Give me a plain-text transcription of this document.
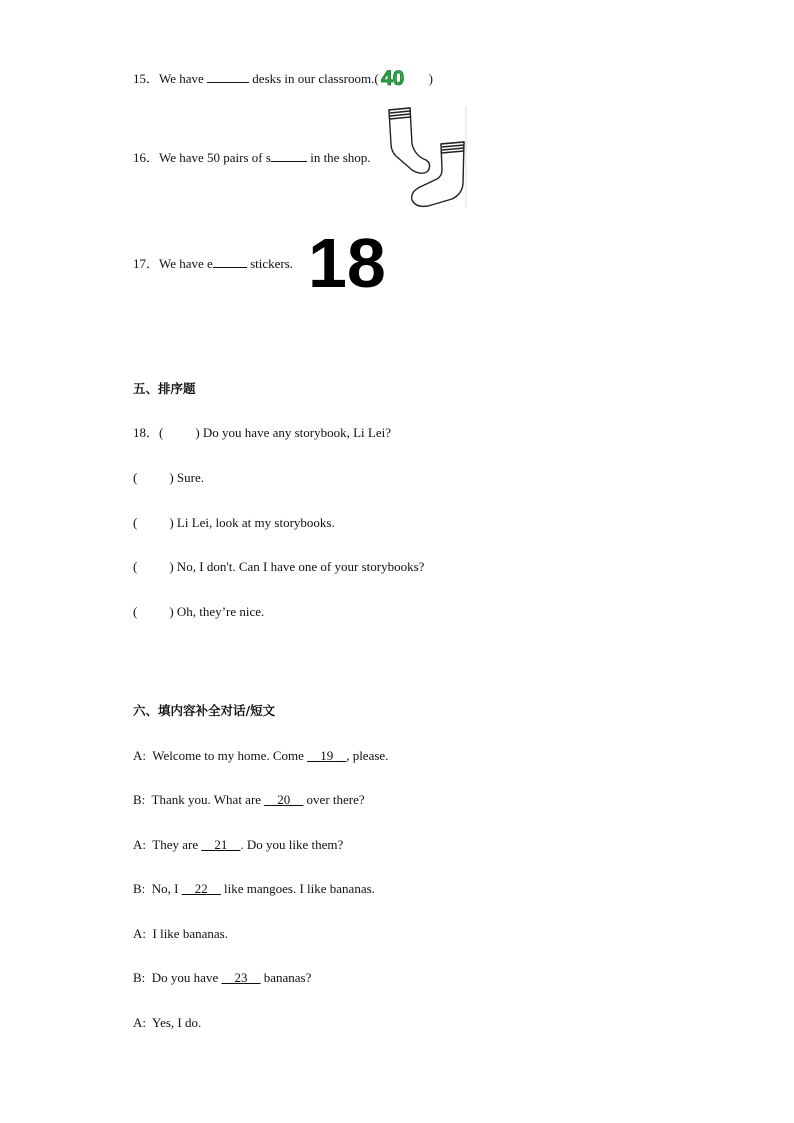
15．We have	desks in our classroom.( 40 )
16．We have 50 pairs of s	in the shop.
17．We have e	stickers. 18
五、排序题
18．( ) Do you have any storybook, Li Lei?
( ) Sure.
( ) Li Lei, look at my storybooks.
( ) No, I don't. Can I have one of your storybooks?
( ) Oh, they’re nice.
六、填内容补全对话/短文
A:  Welcome to my home. Come __19__, please.
B:  Thank you. What are __20__ over there?
A:  They are __21__. Do you like them?
B:  No, I __22__ like mangoes. I like bananas.
A:  I like bananas.
B:  Do you have __23__ bananas?
A:  Yes, I do.
